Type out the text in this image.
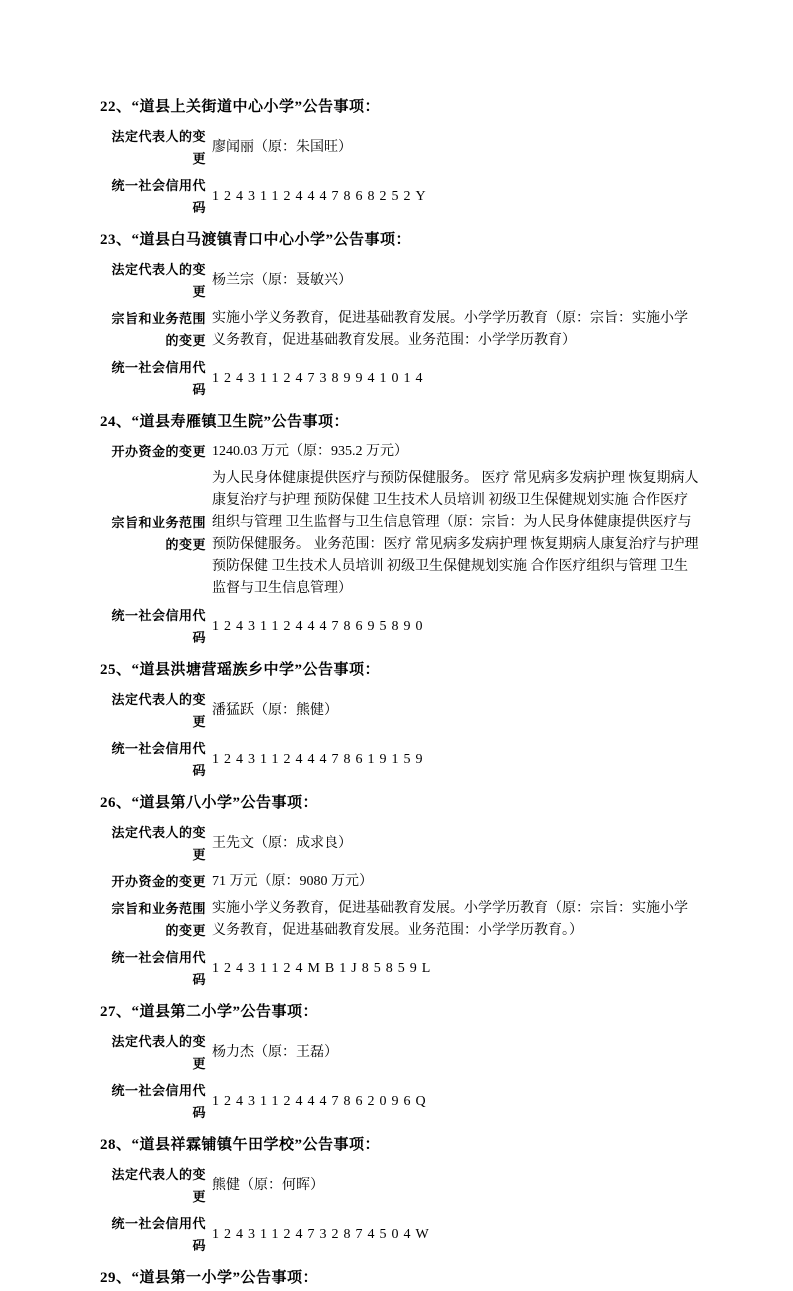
22、“道县上关街道中心小学”公告事项：
法定代表人的变更
廖闻丽（原：朱国旺）
统一社会信用代码
12431124447868252Y
23、“道县白马渡镇青口中心小学”公告事项：
法定代表人的变更
杨兰宗（原：聂敏兴）
宗旨和业务范围的变更
实施小学义务教育，促进基础教育发展。小学学历教育（原：宗旨：实施小学义务教育，促进基础教育发展。业务范围：小学学历教育）
统一社会信用代码
124311247389941014
24、“道县寿雁镇卫生院”公告事项：
开办资金的变更 1240.03 万元（原：935.2 万元）
宗旨和业务范围的变更
为人民身体健康提供医疗与预防保健服务。 医疗 常见病多发病护理 恢复期病人康复治疗与护理 预防保健 卫生技术人员培训 初级卫生保健规划实施 合作医疗组织与管理 卫生监督与卫生信息管理（原：宗旨：为人民身体健康提供医疗与预防保健服务。 业务范围：医疗 常见病多发病护理 恢复期病人康复治疗与护理 预防保健 卫生技术人员培训 初级卫生保健规划实施 合作医疗组织与管理 卫生监督与卫生信息管理）
统一社会信用代码
124311244478695890
25、“道县洪塘营瑶族乡中学”公告事项：
法定代表人的变更
潘猛跃（原：熊健）
统一社会信用代码
124311244478619159
26、“道县第八小学”公告事项：
法定代表人的变更
王先文（原：成求良）
开办资金的变更 71 万元（原：9080 万元）
宗旨和业务范围的变更
实施小学义务教育，促进基础教育发展。小学学历教育（原：宗旨：实施小学义务教育，促进基础教育发展。业务范围：小学学历教育。）
统一社会信用代码
12431124MB1J85859L
27、“道县第二小学”公告事项：
法定代表人的变更
杨力杰（原：王磊）
统一社会信用代码
12431124447862096Q
28、“道县祥霖铺镇午田学校”公告事项：
法定代表人的变更
熊健（原：何晖）
统一社会信用代码
12431124732874504W
29、“道县第一小学”公告事项：
